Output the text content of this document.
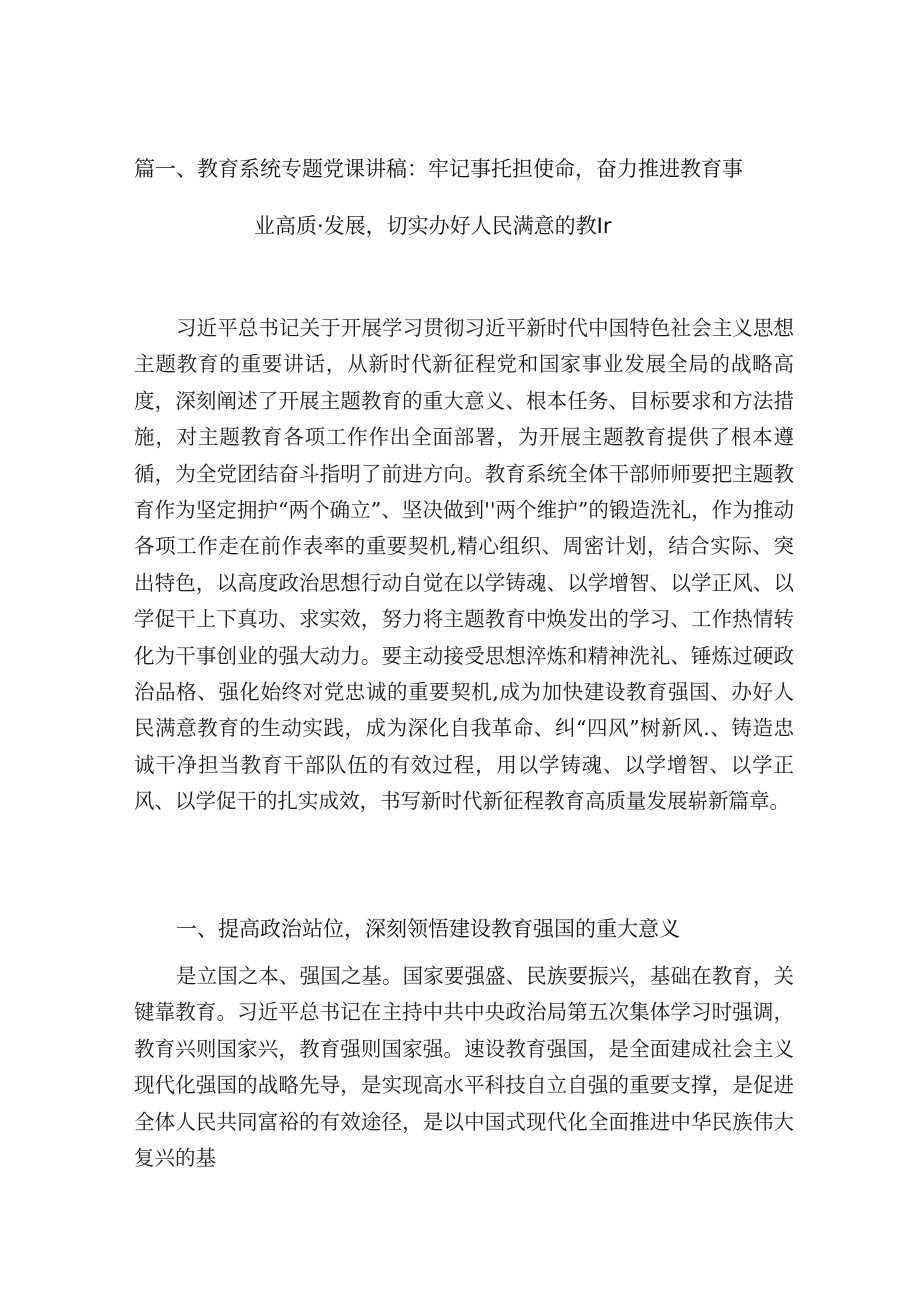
篇一、教育系统专题党课讲稿：牢记事托担使命，奋力推进教育事
业高质·发展，切实办好人民满意的教Ir

习近平总书记关于开展学习贯彻习近平新时代中国特色社会主义思想主题教育的重要讲话，从新时代新征程党和国家事业发展全局的战略高度，深刻阐述了开展主题教育的重大意义、根本任务、目标要求和方法措施，对主题教育各项工作作出全面部署，为开展主题教育提供了根本遵循，为全党团结奋斗指明了前进方向。教育系统全体干部师师要把主题教育作为坚定拥护“两个确立”、坚决做到''两个维护”的锻造洗礼，作为推动各项工作走在前作表率的重要契机,精心组织、周密计划，结合实际、突出特色，以高度政治思想行动自觉在以学铸魂、以学增智、以学正风、以学促干上下真功、求实效，努力将主题教育中焕发出的学习、工作热情转化为干事创业的强大动力。要主动接受思想淬炼和精神洗礼、锤炼过硬政治品格、强化始终对党忠诚的重要契机,成为加快建设教育强国、办好人民满意教育的生动实践，成为深化自我革命、纠“四风”树新风.、铸造忠诚干净担当教育干部队伍的有效过程，用以学铸魂、以学增智、以学正风、以学促干的扎实成效，书写新时代新征程教育高质量发展崭新篇章。

一、提高政治站位，深刻领悟建设教育强国的重大意义

是立国之本、强国之基。国家要强盛、民族要振兴，基础在教育，关键靠教育。习近平总书记在主持中共中央政治局第五次集体学习时强调，教育兴则国家兴，教育强则国家强。速设教育强国，是全面建成社会主义现代化强国的战略先导，是实现高水平科技自立自强的重要支撑，是促进全体人民共同富裕的有效途径，是以中国式现代化全面推进中华民族伟大复兴的基
